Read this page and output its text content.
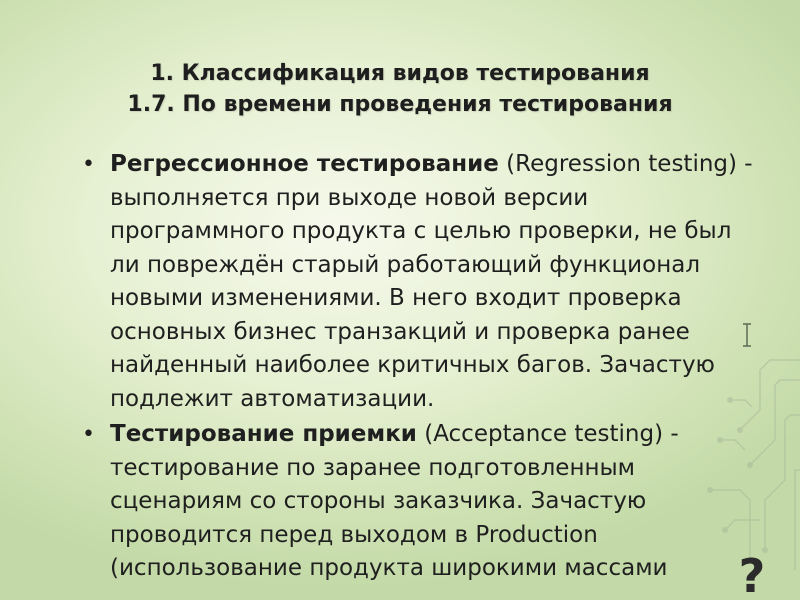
1. Классификация видов тестирования
1.7. По времени проведения тестирования
• Регрессионное тестирование (Regression testing) - выполняется при выходе новой версии программного продукта с целью проверки, не был ли повреждён старый работающий функционал новыми изменениями. В него входит проверка основных бизнес транзакций и проверка ранее найденный наиболее критичных багов. Зачастую подлежит автоматизации.
• Тестирование приемки (Acceptance testing) - тестирование по заранее подготовленным сценариям со стороны заказчика. Зачастую проводится перед выходом в Production (использование продукта широкими массами	?
